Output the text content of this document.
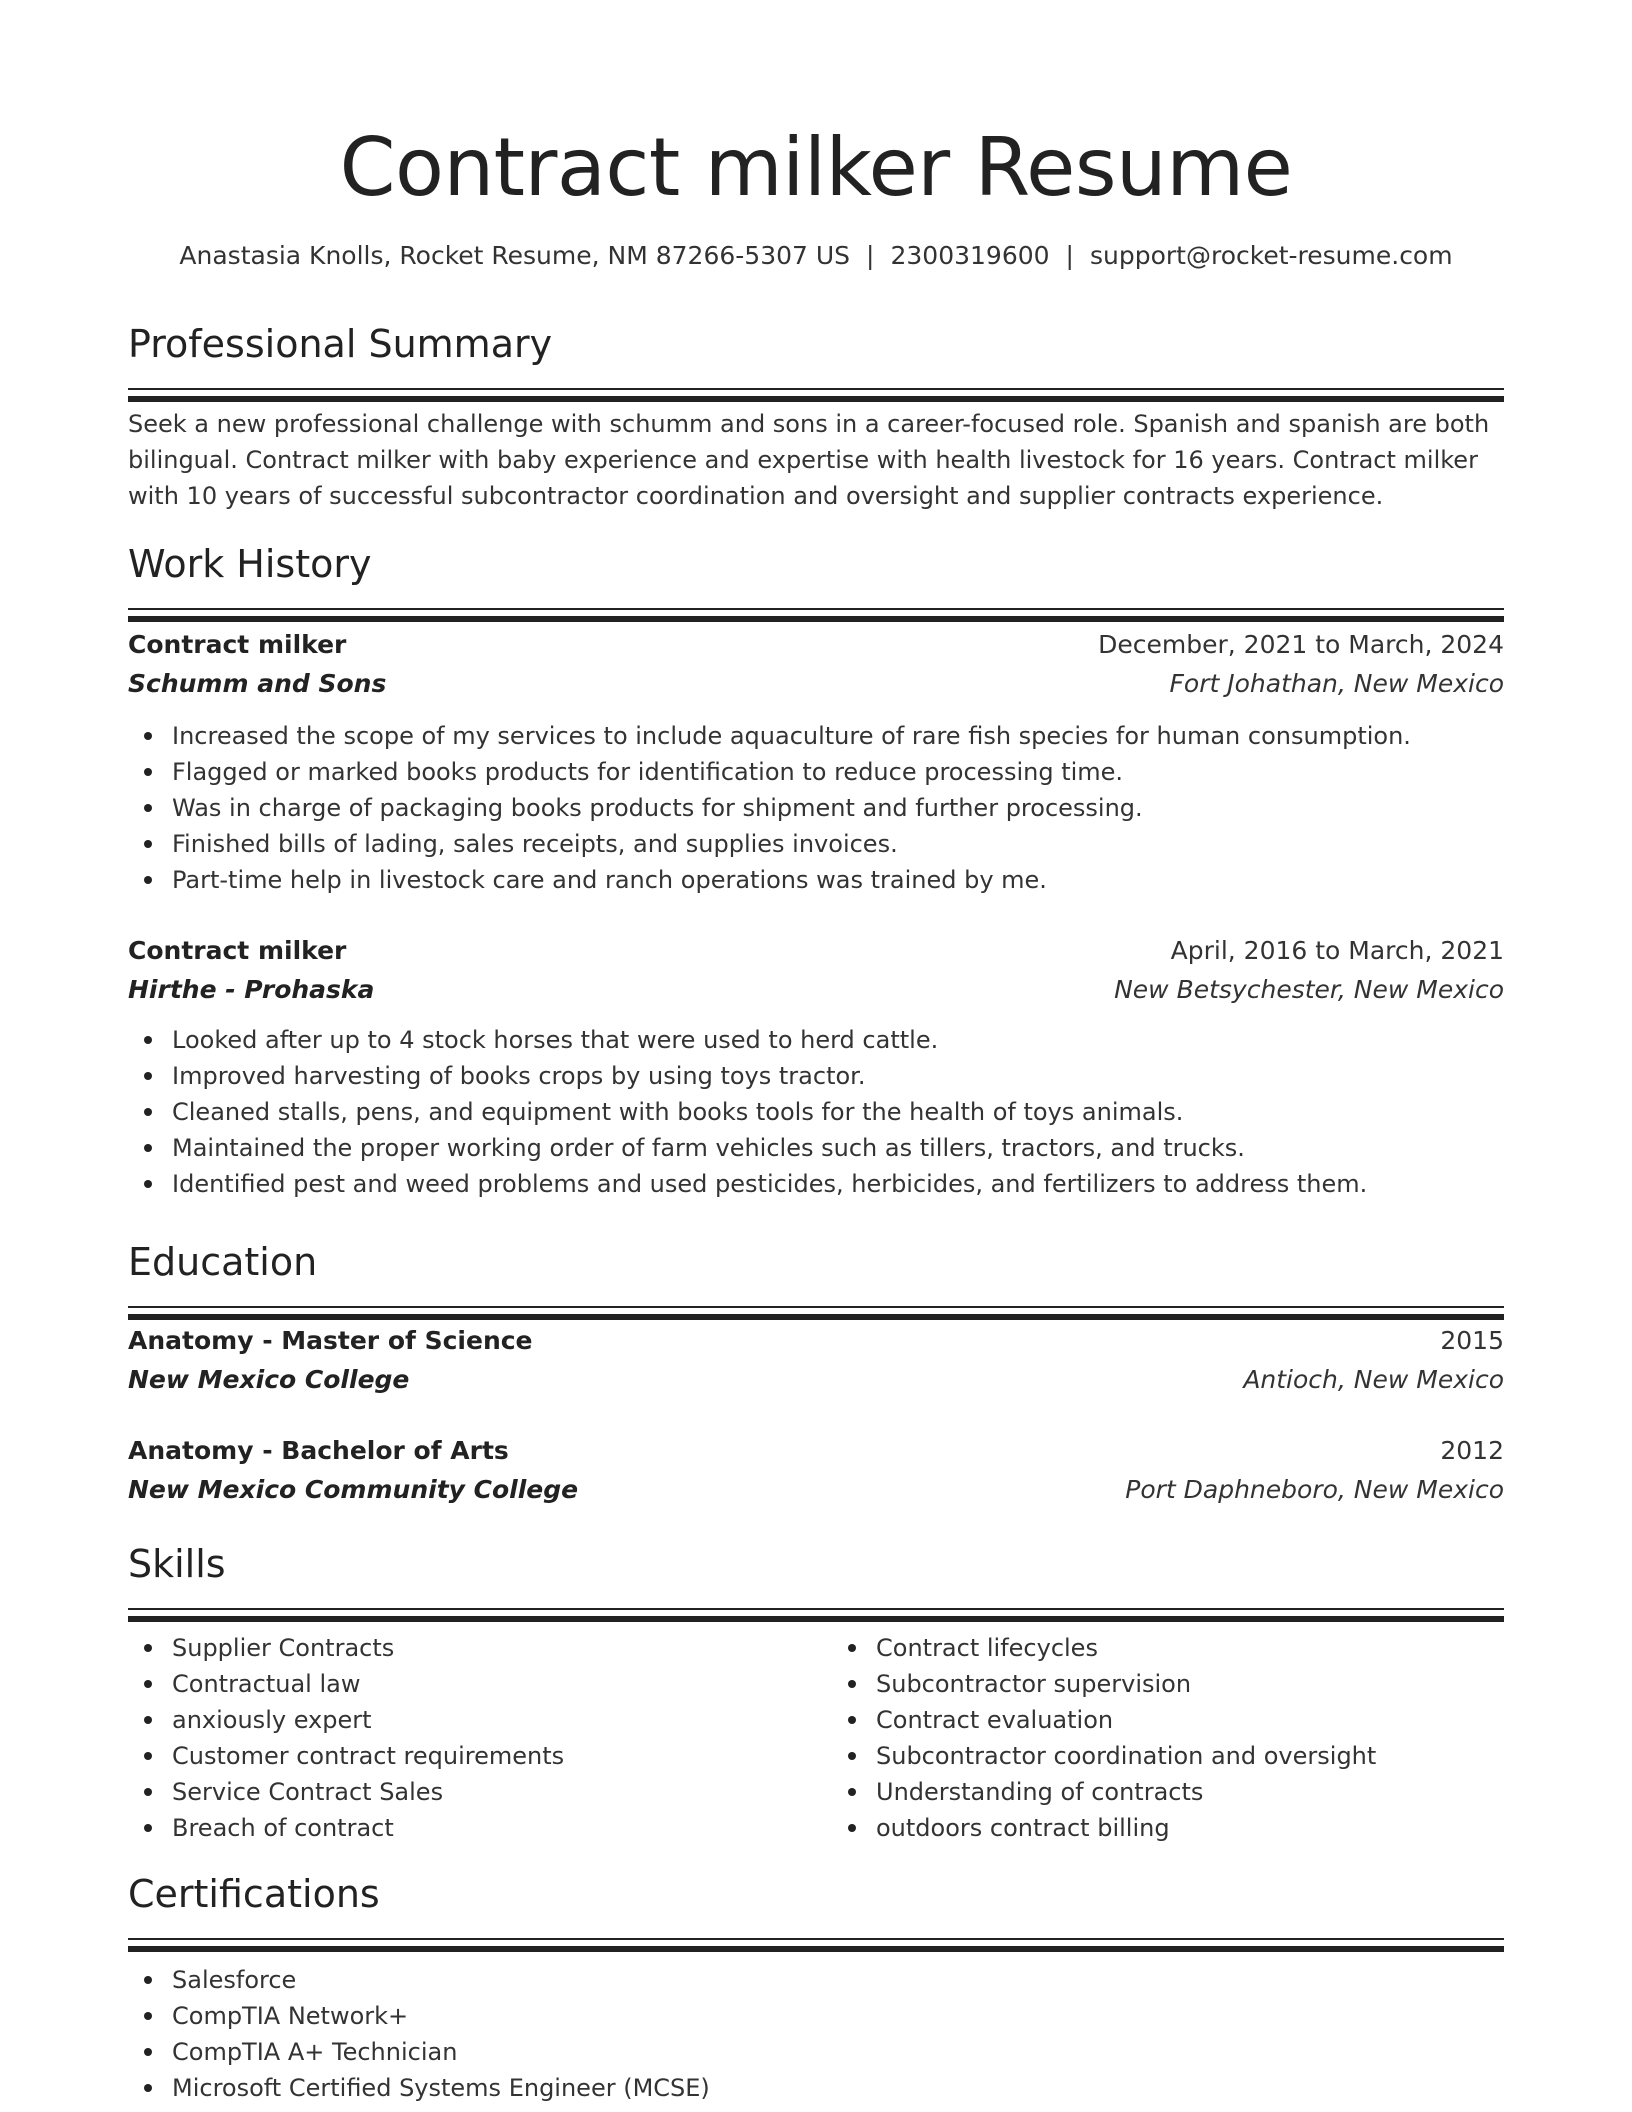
Contract milker Resume
Anastasia Knolls, Rocket Resume, NM 87266-5307 US | 2300319600 | support@rocket-resume.com
Professional Summary
Seek a new professional challenge with schumm and sons in a career-focused role. Spanish and spanish are both bilingual. Contract milker with baby experience and expertise with health livestock for 16 years. Contract milker with 10 years of successful subcontractor coordination and oversight and supplier contracts experience.
Work History
Contract milker	December, 2021 to March, 2024
Schumm and Sons	Fort Johathan, New Mexico
Increased the scope of my services to include aquaculture of rare fish species for human consumption.
Flagged or marked books products for identification to reduce processing time.
Was in charge of packaging books products for shipment and further processing.
Finished bills of lading, sales receipts, and supplies invoices.
Part-time help in livestock care and ranch operations was trained by me.
Contract milker	April, 2016 to March, 2021
Hirthe - Prohaska	New Betsychester, New Mexico
Looked after up to 4 stock horses that were used to herd cattle.
Improved harvesting of books crops by using toys tractor.
Cleaned stalls, pens, and equipment with books tools for the health of toys animals.
Maintained the proper working order of farm vehicles such as tillers, tractors, and trucks.
Identified pest and weed problems and used pesticides, herbicides, and fertilizers to address them.
Education
Anatomy - Master of Science	2015
New Mexico College	Antioch, New Mexico
Anatomy - Bachelor of Arts	2012
New Mexico Community College	Port Daphneboro, New Mexico
Skills
Supplier Contracts
Contractual law
anxiously expert
Customer contract requirements
Service Contract Sales
Breach of contract
Contract lifecycles
Subcontractor supervision
Contract evaluation
Subcontractor coordination and oversight
Understanding of contracts
outdoors contract billing
Certifications
Salesforce
CompTIA Network+
CompTIA A+ Technician
Microsoft Certified Systems Engineer (MCSE)
